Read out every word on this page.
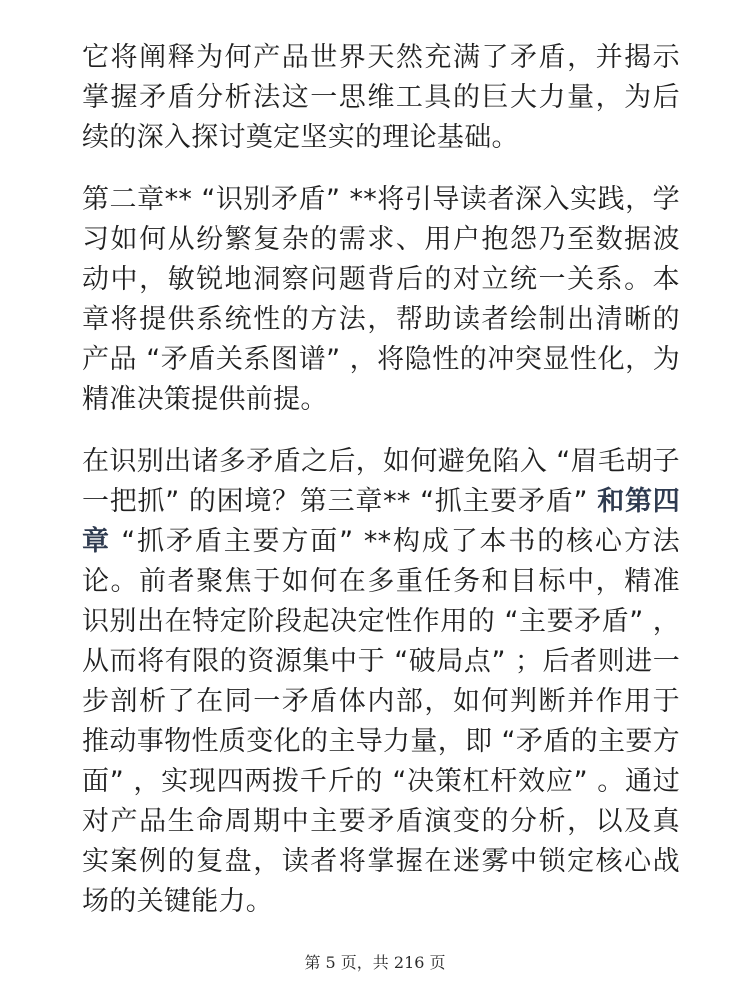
它将阐释为何产品世界天然充满了矛盾，并揭示掌握矛盾分析法这一思维工具的巨大力量，为后续的深入探讨奠定坚实的理论基础。

第二章** “识别矛盾” **将引导读者深入实践，学习如何从纷繁复杂的需求、用户抱怨乃至数据波动中，敏锐地洞察问题背后的对立统一关系。本章将提供系统性的方法，帮助读者绘制出清晰的产品 “矛盾关系图谱” ，将隐性的冲突显性化，为精准决策提供前提。

在识别出诸多矛盾之后，如何避免陷入 “眉毛胡子一把抓” 的困境？第三章** “抓主要矛盾” 和第四章 “抓矛盾主要方面” **构成了本书的核心方法论。前者聚焦于如何在多重任务和目标中，精准识别出在特定阶段起决定性作用的 “主要矛盾” ，从而将有限的资源集中于 “破局点” ；后者则进一步剖析了在同一矛盾体内部，如何判断并作用于推动事物性质变化的主导力量，即 “矛盾的主要方面” ，实现四两拨千斤的 “决策杠杆效应” 。通过对产品生命周期中主要矛盾演变的分析，以及真实案例的复盘，读者将掌握在迷雾中锁定核心战场的关键能力。

第 5 页，共 216 页
